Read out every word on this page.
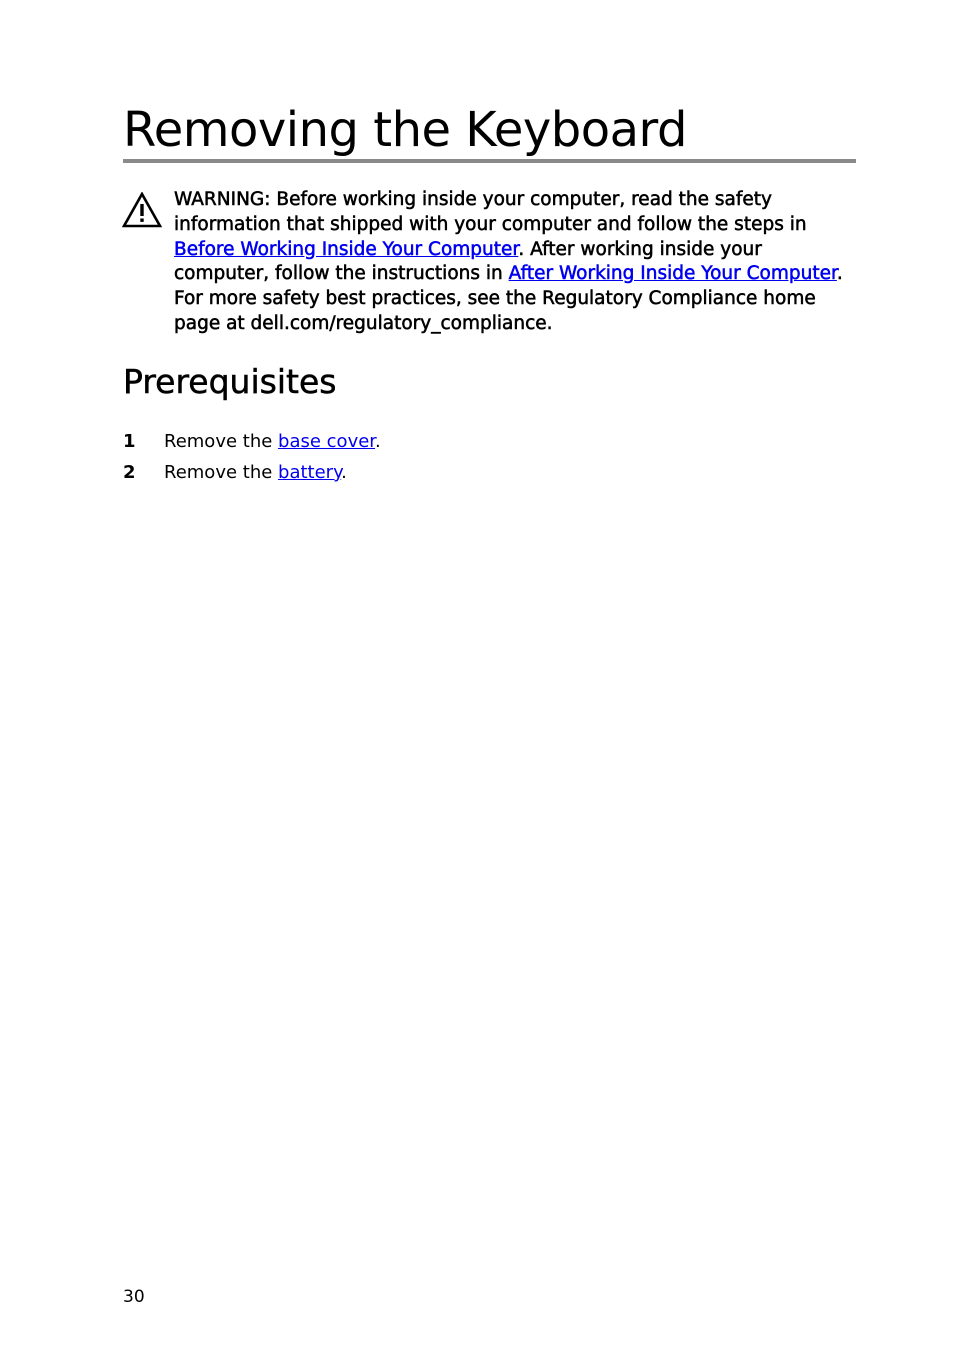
Removing the Keyboard

WARNING: Before working inside your computer, read the safety information that shipped with your computer and follow the steps in Before Working Inside Your Computer. After working inside your computer, follow the instructions in After Working Inside Your Computer. For more safety best practices, see the Regulatory Compliance home page at dell.com/regulatory_compliance.

Prerequisites
1 Remove the base cover.
2 Remove the battery.
30
